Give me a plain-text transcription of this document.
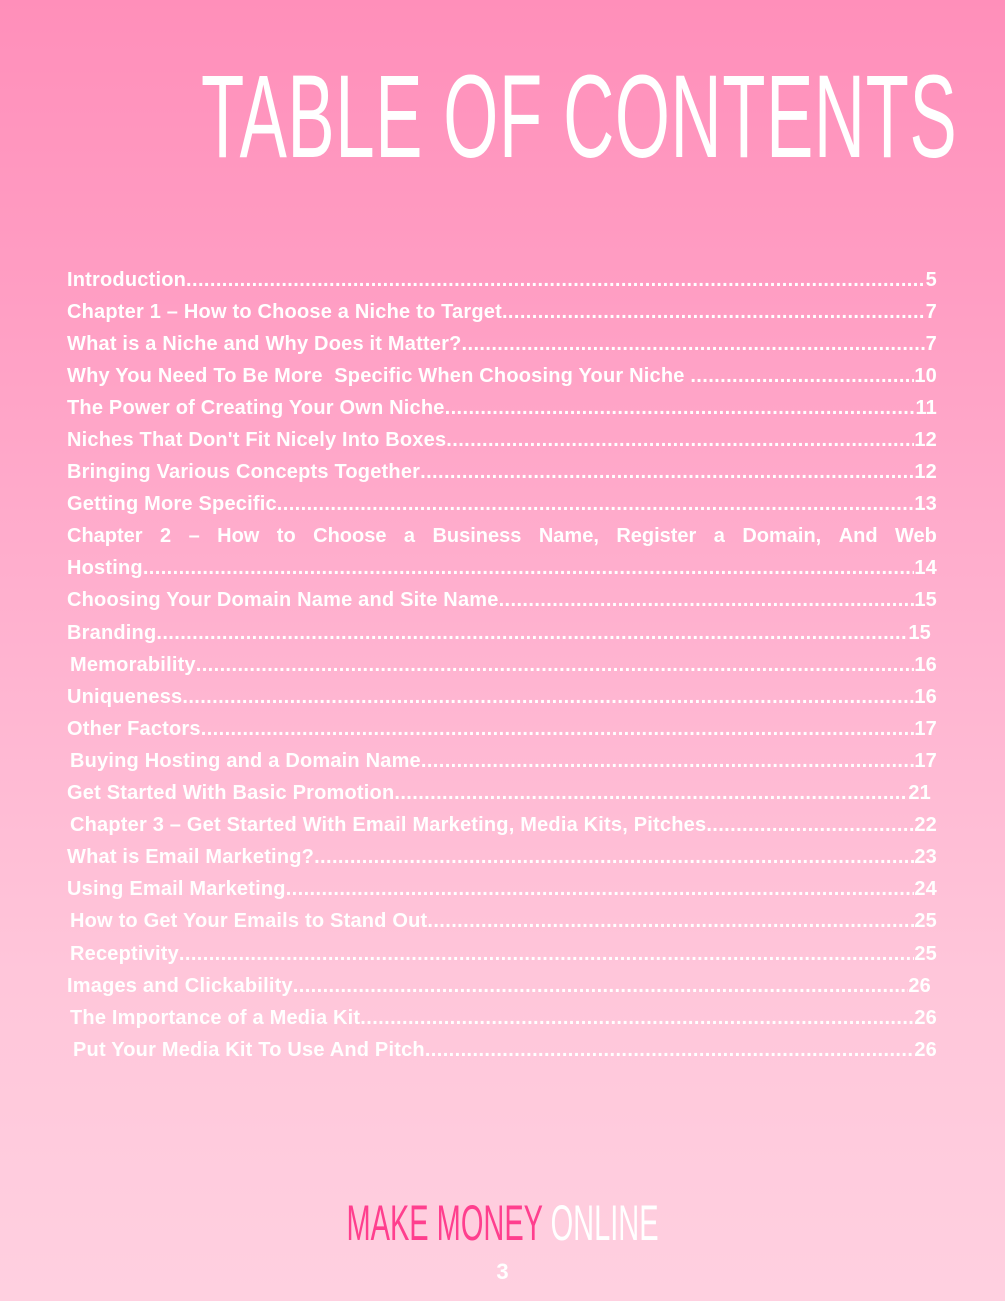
TABLE OF CONTENTS
Introduction .....	5
Chapter 1 – How to Choose a Niche to Target .....	7
What is a Niche and Why Does it Matter? .....	7
Why You Need To Be More  Specific When Choosing Your Niche .....	10
The Power of Creating Your Own Niche .....	11
Niches That Don't Fit Nicely Into Boxes .....	12
Bringing Various Concepts Together .....	12
Getting More Specific .....	13
Chapter 2 – How to Choose a Business Name, Register a Domain, And Web
Hosting .....	14
Choosing Your Domain Name and Site Name .....	15
Branding .....	15
Memorability .....	16
Uniqueness .....	16
Other Factors .....	17
Buying Hosting and a Domain Name .....	17
Get Started With Basic Promotion .....	21
Chapter 3 – Get Started With Email Marketing, Media Kits, Pitches .....	22
What is Email Marketing? .....	23
Using Email Marketing .....	24
How to Get Your Emails to Stand Out .....	25
Receptivity .....	25
Images and Clickability .....	26
The Importance of a Media Kit .....	26
Put Your Media Kit To Use And Pitch .....	26
MAKE MONEY ONLINE
3
